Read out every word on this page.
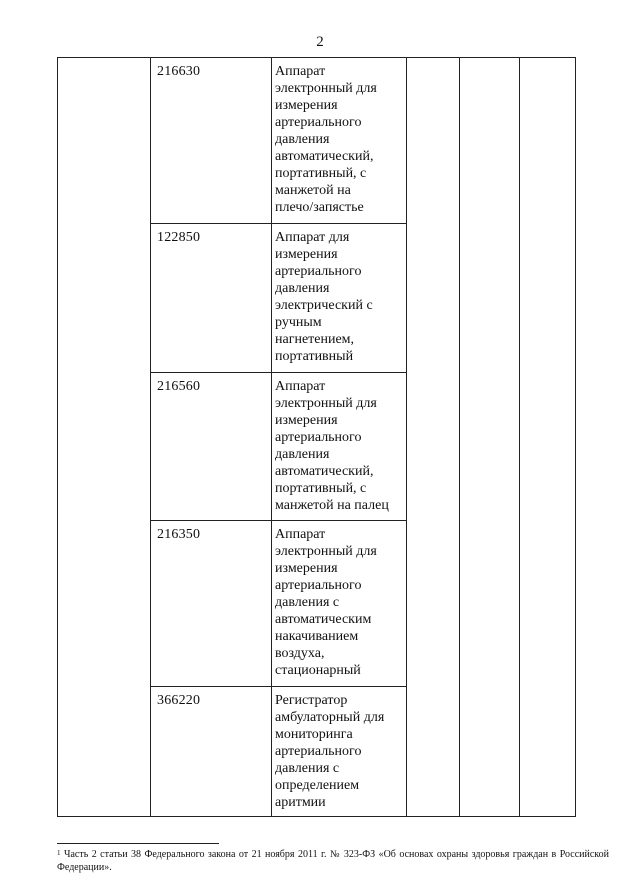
2
216630	Аппарат
электронный для
измерения
артериального
давления
автоматический,
портативный, с
манжетой на
плечо/запястье
122850	Аппарат для
измерения
артериального
давления
электрический с
ручным
нагнетением,
портативный
216560	Аппарат
электронный для
измерения
артериального
давления
автоматический,
портативный, с
манжетой на палец
216350	Аппарат
электронный для
измерения
артериального
давления с
автоматическим
накачиванием
воздуха,
стационарный
366220	Регистратор
амбулаторный для
мониторинга
артериального
давления с
определением
аритмии
$^1$ Часть 2 статьи 38 Федерального закона от 21 ноября 2011 г. № 323-ФЗ «Об основах охраны здоровья граждан в Российской Федерации».
